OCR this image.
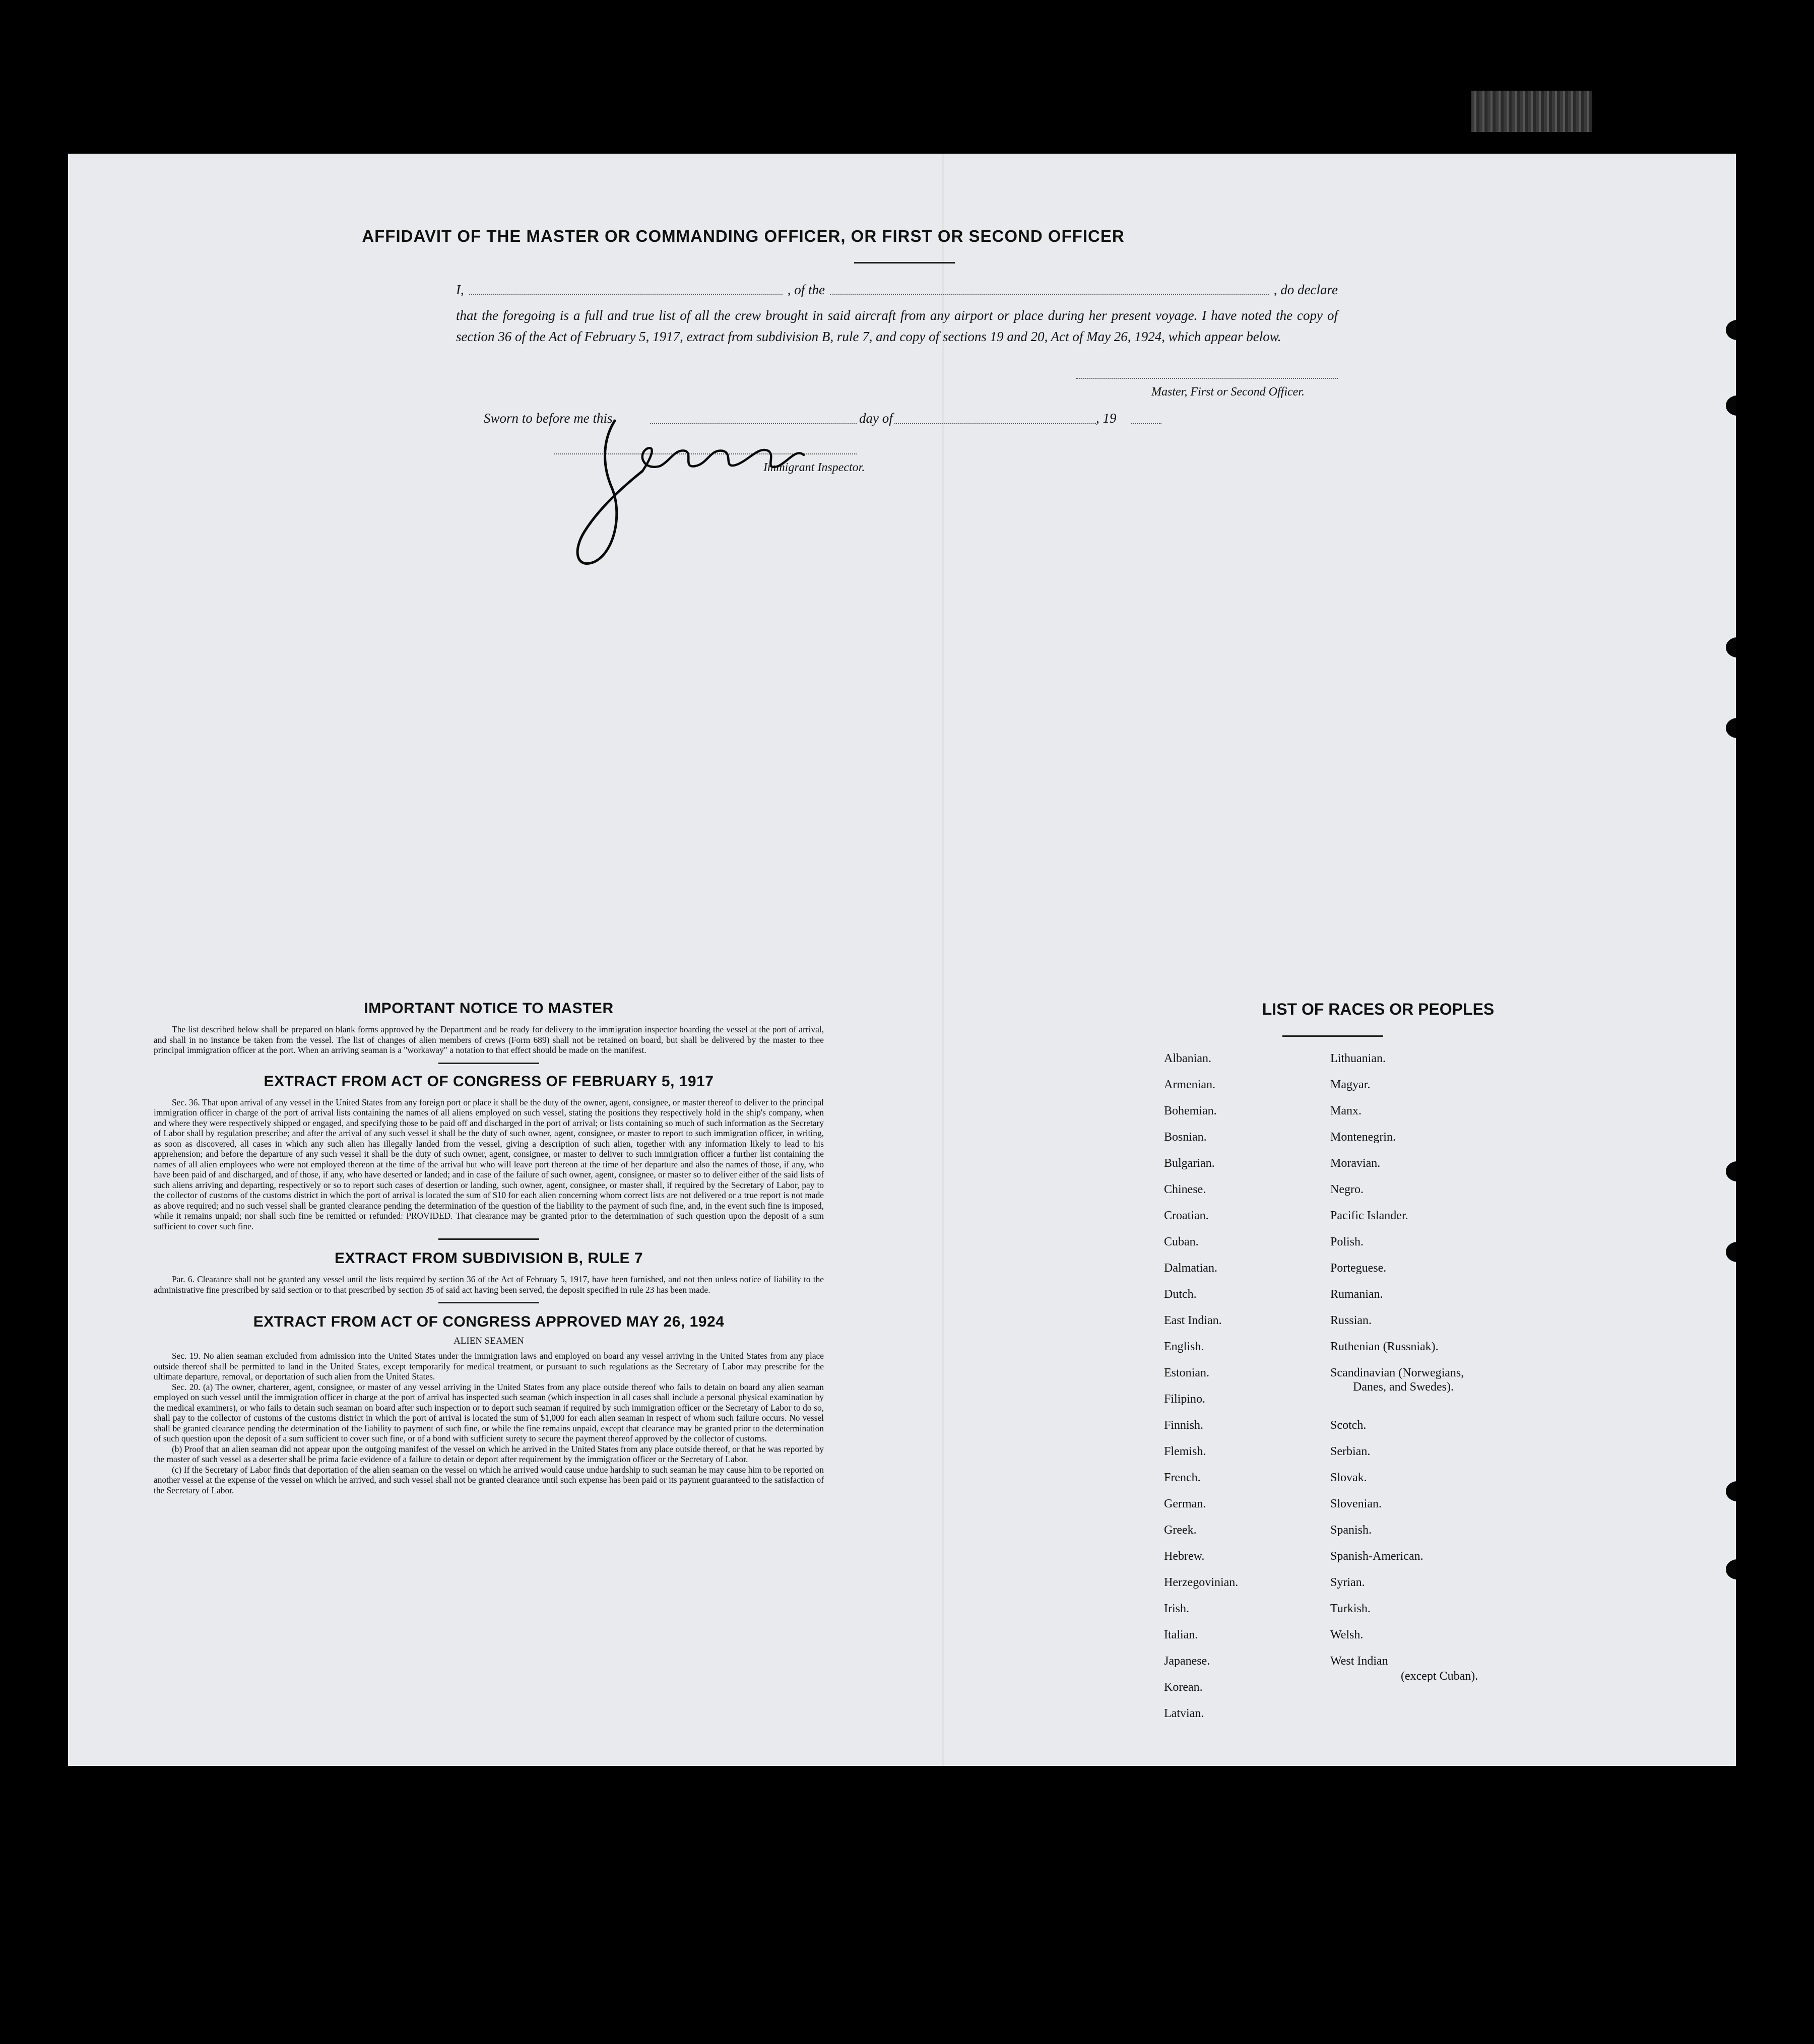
AFFIDAVIT OF THE MASTER OR COMMANDING OFFICER, OR FIRST OR SECOND OFFICER
I,	, of the	, do declare
that the foregoing is a full and true list of all the crew brought in said aircraft from any airport or place during her present voyage. I have noted the copy of section 36 of the Act of February 5, 1917, extract from subdivision B, rule 7, and copy of sections 19 and 20, Act of May 26, 1924, which appear below.
Master, First or Second Officer.
Sworn to before me this	day of	, 19
Immigrant Inspector.
IMPORTANT NOTICE TO MASTER

The list described below shall be prepared on blank forms approved by the Department and be ready for delivery to the immigration inspector boarding the vessel at the port of arrival, and shall in no instance be taken from the vessel. The list of changes of alien members of crews (Form 689) shall not be retained on board, but shall be delivered by the master to thee principal immigration officer at the port. When an arriving seaman is a "workaway" a notation to that effect should be made on the manifest.

EXTRACT FROM ACT OF CONGRESS OF FEBRUARY 5, 1917

Sec. 36. That upon arrival of any vessel in the United States from any foreign port or place it shall be the duty of the owner, agent, consignee, or master thereof to deliver to the principal immigration officer in charge of the port of arrival lists containing the names of all aliens employed on such vessel, stating the positions they respectively hold in the ship's company, when and where they were respectively shipped or engaged, and specifying those to be paid off and discharged in the port of arrival; or lists containing so much of such information as the Secretary of Labor shall by regulation prescribe; and after the arrival of any such vessel it shall be the duty of such owner, agent, consignee, or master to report to such immigration officer, in writing, as soon as discovered, all cases in which any such alien has illegally landed from the vessel, giving a description of such alien, together with any information likely to lead to his apprehension; and before the departure of any such vessel it shall be the duty of such owner, agent, consignee, or master to deliver to such immigration officer a further list containing the names of all alien employees who were not employed thereon at the time of the arrival but who will leave port thereon at the time of her departure and also the names of those, if any, who have been paid of and discharged, and of those, if any, who have deserted or landed; and in case of the failure of such owner, agent, consignee, or master so to deliver either of the said lists of such aliens arriving and departing, respectively or so to report such cases of desertion or landing, such owner, agent, consignee, or master shall, if required by the Secretary of Labor, pay to the collector of customs of the customs district in which the port of arrival is located the sum of $10 for each alien concerning whom correct lists are not delivered or a true report is not made as above required; and no such vessel shall be granted clearance pending the determination of the question of the liability to the payment of such fine, and, in the event such fine is imposed, while it remains unpaid; nor shall such fine be remitted or refunded: PROVIDED. That clearance may be granted prior to the determination of such question upon the deposit of a sum sufficient to cover such fine.

EXTRACT FROM SUBDIVISION B, RULE 7

Par. 6. Clearance shall not be granted any vessel until the lists required by section 36 of the Act of February 5, 1917, have been furnished, and not then unless notice of liability to the administrative fine prescribed by said section or to that prescribed by section 35 of said act having been served, the deposit specified in rule 23 has been made.

EXTRACT FROM ACT OF CONGRESS APPROVED MAY 26, 1924
ALIEN SEAMEN

Sec. 19. No alien seaman excluded from admission into the United States under the immigration laws and employed on board any vessel arriving in the United States from any place outside thereof shall be permitted to land in the United States, except temporarily for medical treatment, or pursuant to such regulations as the Secretary of Labor may prescribe for the ultimate departure, removal, or deportation of such alien from the United States.

Sec. 20. (a) The owner, charterer, agent, consignee, or master of any vessel arriving in the United States from any place outside thereof who fails to detain on board any alien seaman employed on such vessel until the immigration officer in charge at the port of arrival has inspected such seaman (which inspection in all cases shall include a personal physical examination by the medical examiners), or who fails to detain such seaman on board after such inspection or to deport such seaman if required by such immigration officer or the Secretary of Labor to do so, shall pay to the collector of customs of the customs district in which the port of arrival is located the sum of $1,000 for each alien seaman in respect of whom such failure occurs. No vessel shall be granted clearance pending the determination of the liability to payment of such fine, or while the fine remains unpaid, except that clearance may be granted prior to the determination of such question upon the deposit of a sum sufficient to cover such fine, or of a bond with sufficient surety to secure the payment thereof approved by the collector of customs.

(b) Proof that an alien seaman did not appear upon the outgoing manifest of the vessel on which he arrived in the United States from any place outside thereof, or that he was reported by the master of such vessel as a deserter shall be prima facie evidence of a failure to detain or deport after requirement by the immigration officer or the Secretary of Labor.

(c) If the Secretary of Labor finds that deportation of the alien seaman on the vessel on which he arrived would cause undue hardship to such seaman he may cause him to be reported on another vessel at the expense of the vessel on which he arrived, and such vessel shall not be granted clearance until such expense has been paid or its payment guaranteed to the satisfaction of the Secretary of Labor.

LIST OF RACES OR PEOPLES
Albanian.
Armenian.
Bohemian.
Bosnian.
Bulgarian.
Chinese.
Croatian.
Cuban.
Dalmatian.
Dutch.
East Indian.
English.
Estonian.
Filipino.
Finnish.
Flemish.
French.
German.
Greek.
Hebrew.
Herzegovinian.
Irish.
Italian.
Japanese.
Korean.
Latvian.
Lithuanian.
Magyar.
Manx.
Montenegrin.
Moravian.
Negro.
Pacific Islander.
Polish.
Porteguese.
Rumanian.
Russian.
Ruthenian (Russniak).
Scandinavian (Norwegians,
Danes, and Swedes).
Scotch.
Serbian.
Slovak.
Slovenian.
Spanish.
Spanish-American.
Syrian.
Turkish.
Welsh.
West Indian
(except Cuban).
